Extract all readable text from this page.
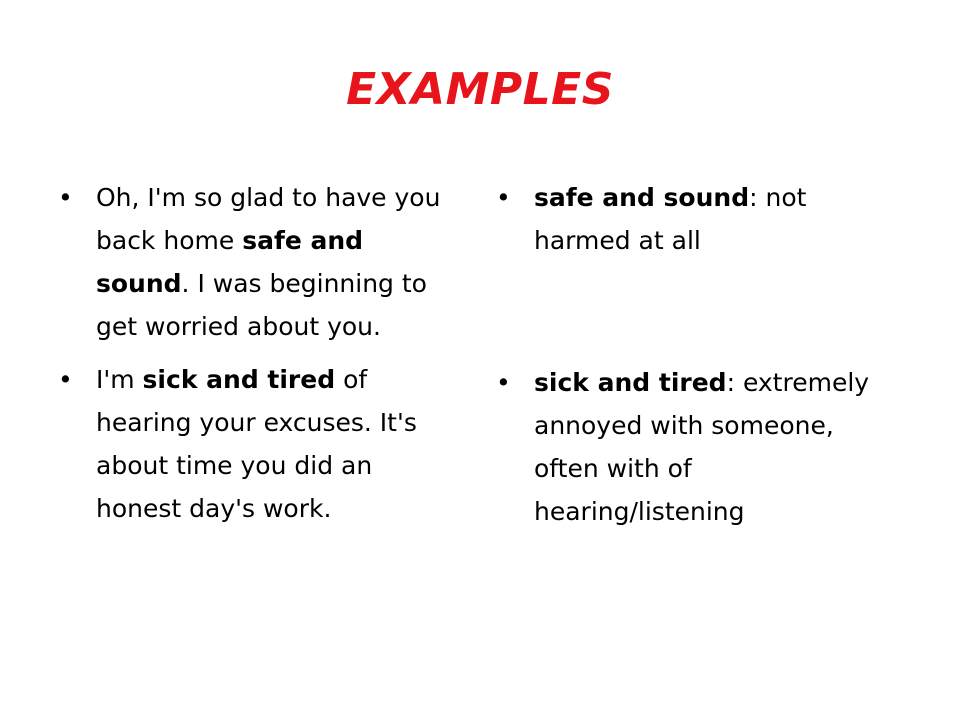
EXAMPLES
• Oh, I'm so glad to have you back home safe and sound. I was beginning to get worried about you.
• I'm sick and tired of hearing your excuses. It's about time you did an honest day's work.
• safe and sound: not harmed at all
• sick and tired: extremely annoyed with someone, often with of hearing/listening
